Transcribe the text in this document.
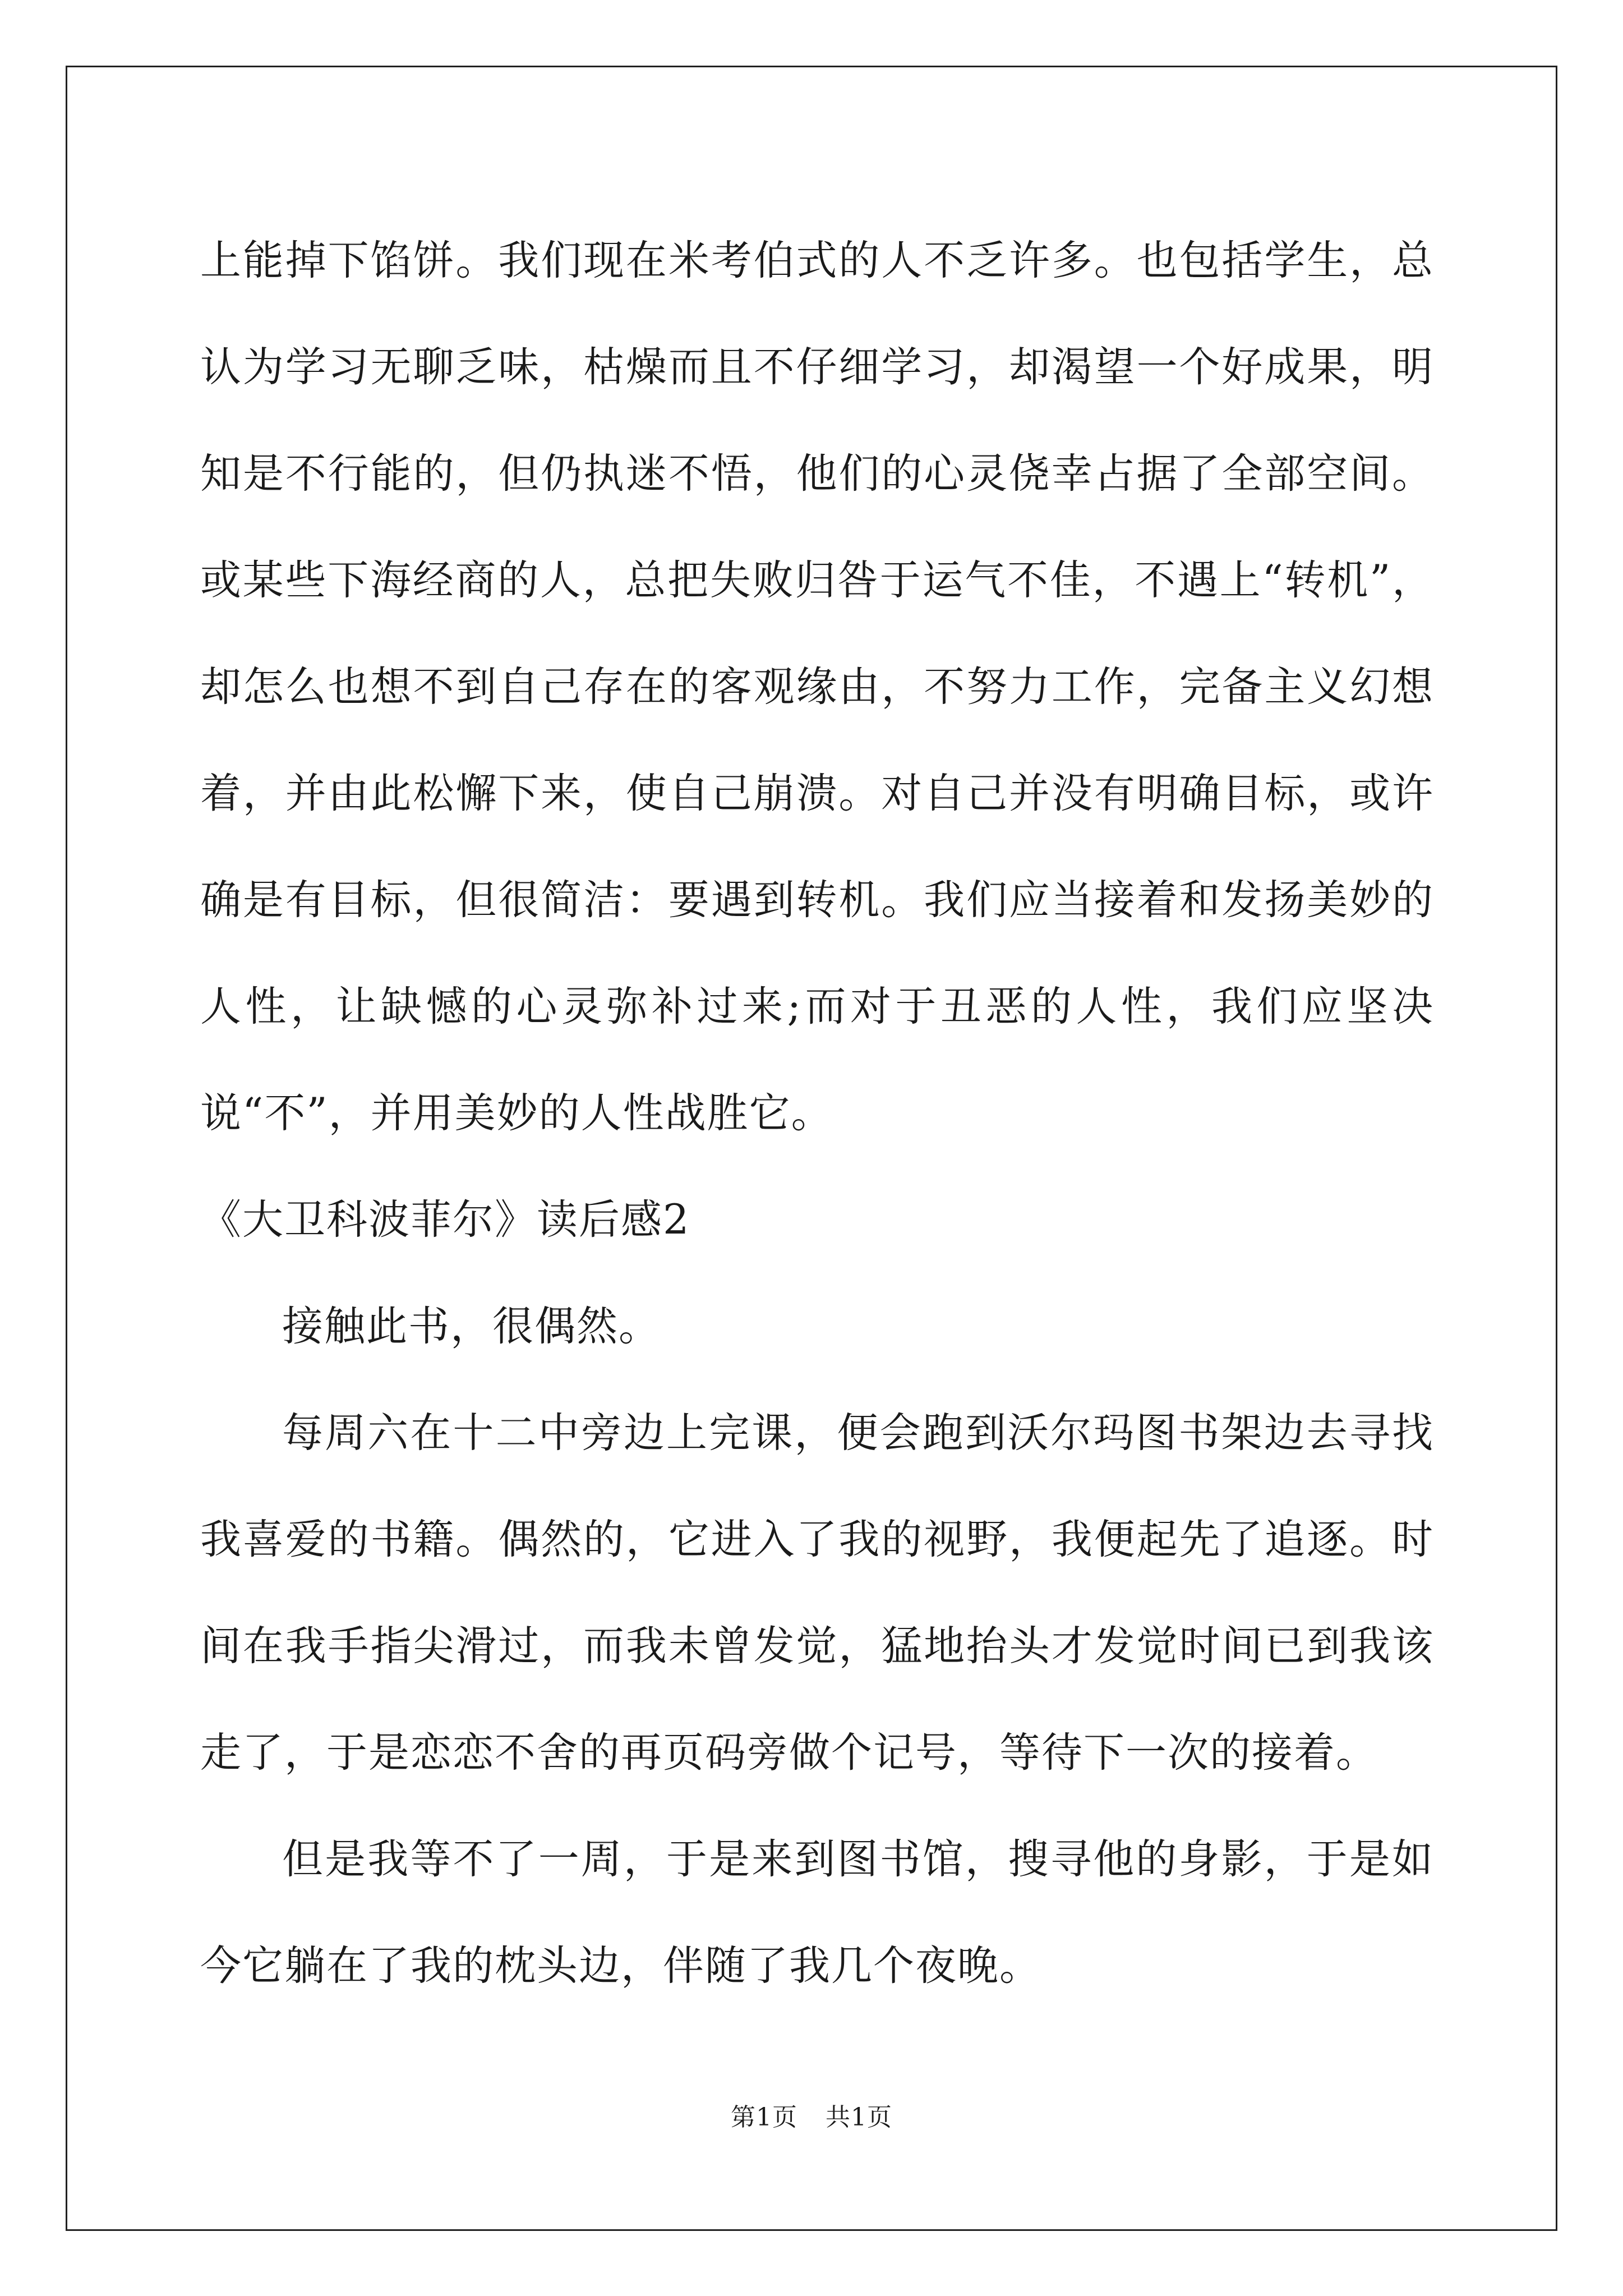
上能掉下馅饼。我们现在米考伯式的人不乏许多。也包括学生，总认为学习无聊乏味，枯燥而且不仔细学习，却渴望一个好成果，明知是不行能的，但仍执迷不悟，他们的心灵侥幸占据了全部空间。或某些下海经商的人，总把失败归咎于运气不佳，不遇上“转机”，却怎么也想不到自己存在的客观缘由，不努力工作，完备主义幻想着，并由此松懈下来，使自己崩溃。对自己并没有明确目标，或许确是有目标，但很简洁：要遇到转机。我们应当接着和发扬美妙的人性，让缺憾的心灵弥补过来;而对于丑恶的人性，我们应坚决说“不”，并用美妙的人性战胜它。

《大卫科波菲尔》读后感2

接触此书，很偶然。

每周六在十二中旁边上完课，便会跑到沃尔玛图书架边去寻找我喜爱的书籍。偶然的，它进入了我的视野，我便起先了追逐。时间在我手指尖滑过，而我未曾发觉，猛地抬头才发觉时间已到我该走了，于是恋恋不舍的再页码旁做个记号，等待下一次的接着。

但是我等不了一周，于是来到图书馆，搜寻他的身影，于是如今它躺在了我的枕头边，伴随了我几个夜晚。

第1页 共1页
